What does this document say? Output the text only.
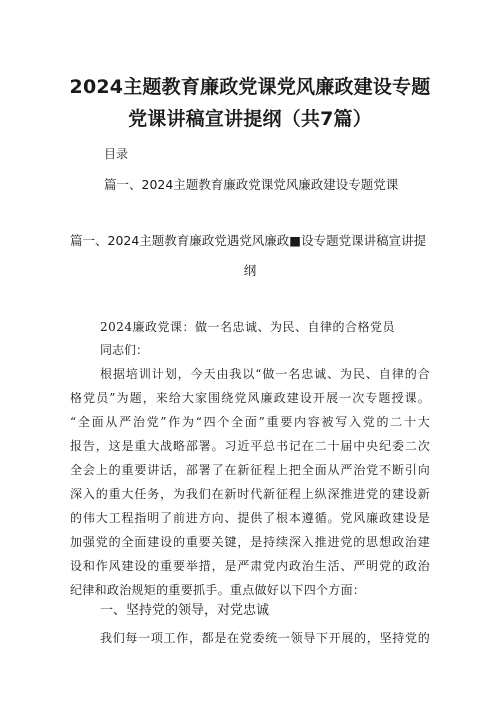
2024主题教育廉政党课党风廉政建设专题
党课讲稿宣讲提纲（共7篇）
目录
篇一、2024主题教育廉政党课党风廉政建设专题党课
篇一、2024主题教育廉政党遇党风廉政■设专题党课讲稿宣讲提
纲
2024廉政党课：做一名忠诚、为民、自律的合格党员
同志们：
根据培训计划，今天由我以“做一名忠诚、为民、自律的合
格党员”为题，来给大家围绕党风廉政建设开展一次专题授课。
“全面从严治党”作为“四个全面”重要内容被写入党的二十大
报告，这是重大战略部署。习近平总书记在二十届中央纪委二次
全会上的重要讲话，部署了在新征程上把全面从严治党不断引向
深入的重大任务，为我们在新时代新征程上纵深推进党的建设新
的伟大工程指明了前进方向、提供了根本遵循。党风廉政建设是
加强党的全面建设的重要关键，是持续深入推进党的思想政治建
设和作风建设的重要举措，是严肃党内政治生活、严明党的政治
纪律和政治规矩的重要抓手。重点做好以下四个方面：
一、坚持党的领导，对党忠诚
我们每一项工作，都是在党委统一领导下开展的，坚持党的
